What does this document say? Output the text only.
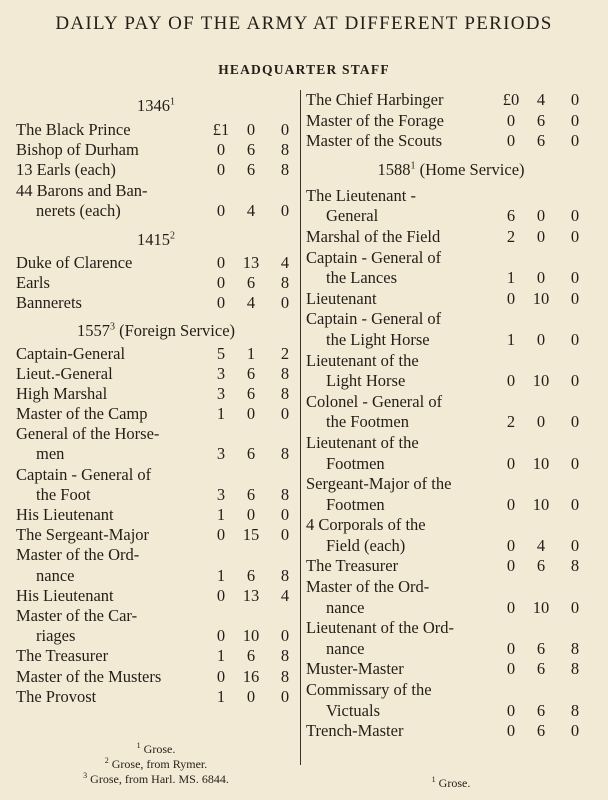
DAILY PAY OF THE ARMY AT DIFFERENT PERIODS
HEADQUARTER STAFF
1346$^1$
The Black Prince	£1	0	0
Bishop of Durham	0	6	8
13 Earls (each)	0	6	8
44 Barons and Ban-
nerets (each)	0	4	0
1415$^2$
Duke of Clarence	0	13	4
Earls	0	6	8
Bannerets	0	4	0
1557$^3$ (Foreign Service)
Captain-General	5	1	2
Lieut.-General	3	6	8
High Marshal	3	6	8
Master of the Camp	1	0	0
General of the Horse-
men	3	6	8
Captain - General of
the Foot	3	6	8
His Lieutenant	1	0	0
The Sergeant-Major	0	15	0
Master of the Ord-
nance	1	6	8
His Lieutenant	0	13	4
Master of the Car-
riages	0	10	0
The Treasurer	1	6	8
Master of the Musters	0	16	8
The Provost	1	0	0
The Chief Harbinger	£0	4	0
Master of the Forage	0	6	0
Master of the Scouts	0	6	0
1588$^1$ (Home Service)
The Lieutenant -
General	6	0	0
Marshal of the Field	2	0	0
Captain - General of
the Lances	1	0	0
Lieutenant	0	10	0
Captain - General of
the Light Horse	1	0	0
Lieutenant of the
Light Horse	0	10	0
Colonel - General of
the Footmen	2	0	0
Lieutenant of the
Footmen	0	10	0
Sergeant-Major of the
Footmen	0	10	0
4 Corporals of the
Field (each)	0	4	0
The Treasurer	0	6	8
Master of the Ord-
nance	0	10	0
Lieutenant of the Ord-
nance	0	6	8
Muster-Master	0	6	8
Commissary of the
Victuals	0	6	8
Trench-Master	0	6	0
$^1$ Grose.
$^2$ Grose, from Rymer.
$^3$ Grose, from Harl. MS. 6844.	$^1$ Grose.
